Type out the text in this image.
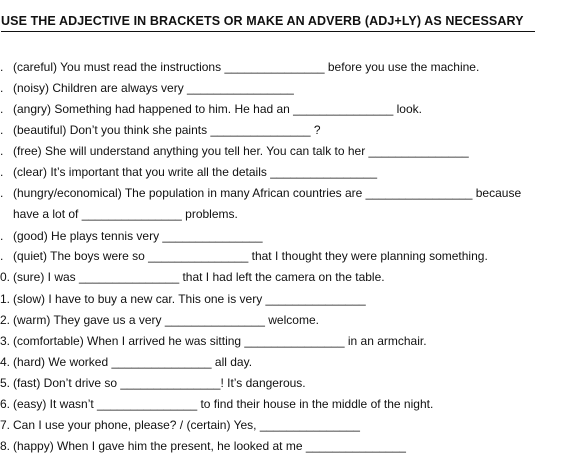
USE THE ADJECTIVE IN BRACKETS OR MAKE AN ADVERB (ADJ+LY) AS NECESSARY
. (careful) You must read the instructions _______________ before you use the machine.
. (noisy) Children are always very ________________
. (angry) Something had happened to him. He had an _______________ look.
. (beautiful) Don’t you think she paints _______________ ?
. (free) She will understand anything you tell her. You can talk to her _______________
. (clear) It’s important that you write all the details ________________
. (hungry/economical) The population in many African countries are ________________ because
have a lot of _______________ problems.
. (good) He plays tennis very _______________
. (quiet) The boys were so _______________ that I thought they were planning something.
0. (sure) I was _______________ that I had left the camera on the table.
1. (slow) I have to buy a new car. This one is very _______________
2. (warm) They gave us a very _______________ welcome.
3. (comfortable) When I arrived he was sitting _______________ in an armchair.
4. (hard) We worked _______________ all day.
5. (fast) Don’t drive so _______________! It’s dangerous.
6. (easy) It wasn’t _______________ to find their house in the middle of the night.
7. Can I use your phone, please? / (certain) Yes, _______________
8. (happy) When I gave him the present, he looked at me _______________
